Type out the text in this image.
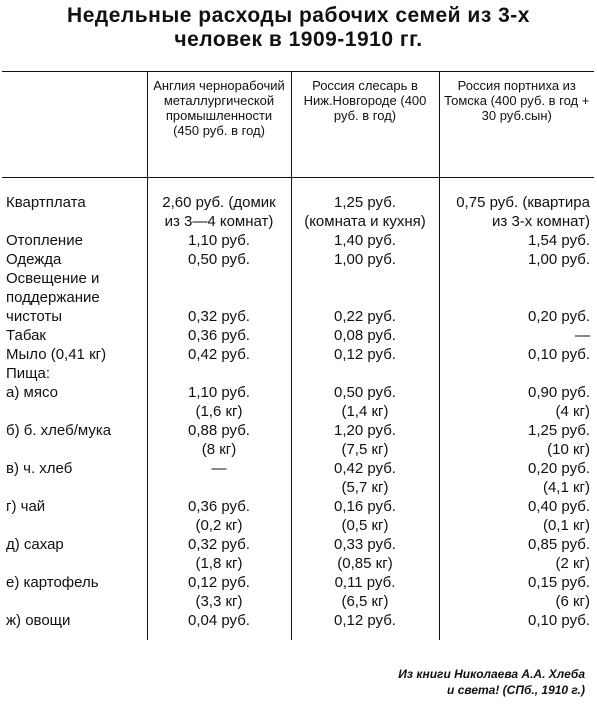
Недельные расходы рабочих семей из 3-х
человек в 1909-1910 гг.
	Англия чернорабочий металлургической промышленности (450 руб. в год)	Россия слесарь в Ниж.Новгороде (400 руб. в год)	Россия портниха из Томска (400 руб. в год + 30 руб.сын)
Квартплата	2,60 руб. (домик	1,25 руб.	0,75 руб. (квартира
	из 3—4 комнат)	(комната и кухня)	из 3-х комнат)
Отопление	1,10 руб.	1,40 руб.	1,54 руб.
Одежда	0,50 руб.	1,00 руб.	1,00 руб.
Освещение и			
поддержание			
чистоты	0,32 руб.	0,22 руб.	0,20 руб.
Табак	0,36 руб.	0,08 руб.	—
Мыло (0,41 кг)	0,42 руб.	0,12 руб.	0,10 руб.
Пища:			
а) мясо	1,10 руб.	0,50 руб.	0,90 руб.
	(1,6 кг)	(1,4 кг)	(4 кг)
б) б. хлеб/мука	0,88 руб.	1,20 руб.	1,25 руб.
	(8 кг)	(7,5 кг)	(10 кг)
в) ч. хлеб	—	0,42 руб.	0,20 руб.
		(5,7 кг)	(4,1 кг)
г) чай	0,36 руб.	0,16 руб.	0,40 руб.
	(0,2 кг)	(0,5 кг)	(0,1 кг)
д) сахар	0,32 руб.	0,33 руб.	0,85 руб.
	(1,8 кг)	(0,85 кг)	(2 кг)
е) картофель	0,12 руб.	0,11 руб.	0,15 руб.
	(3,3 кг)	(6,5 кг)	(6 кг)
ж) овощи	0,04 руб.	0,12 руб.	0,10 руб.
Из книги Николаева А.А. Хлеба
и света! (СПб., 1910 г.)
